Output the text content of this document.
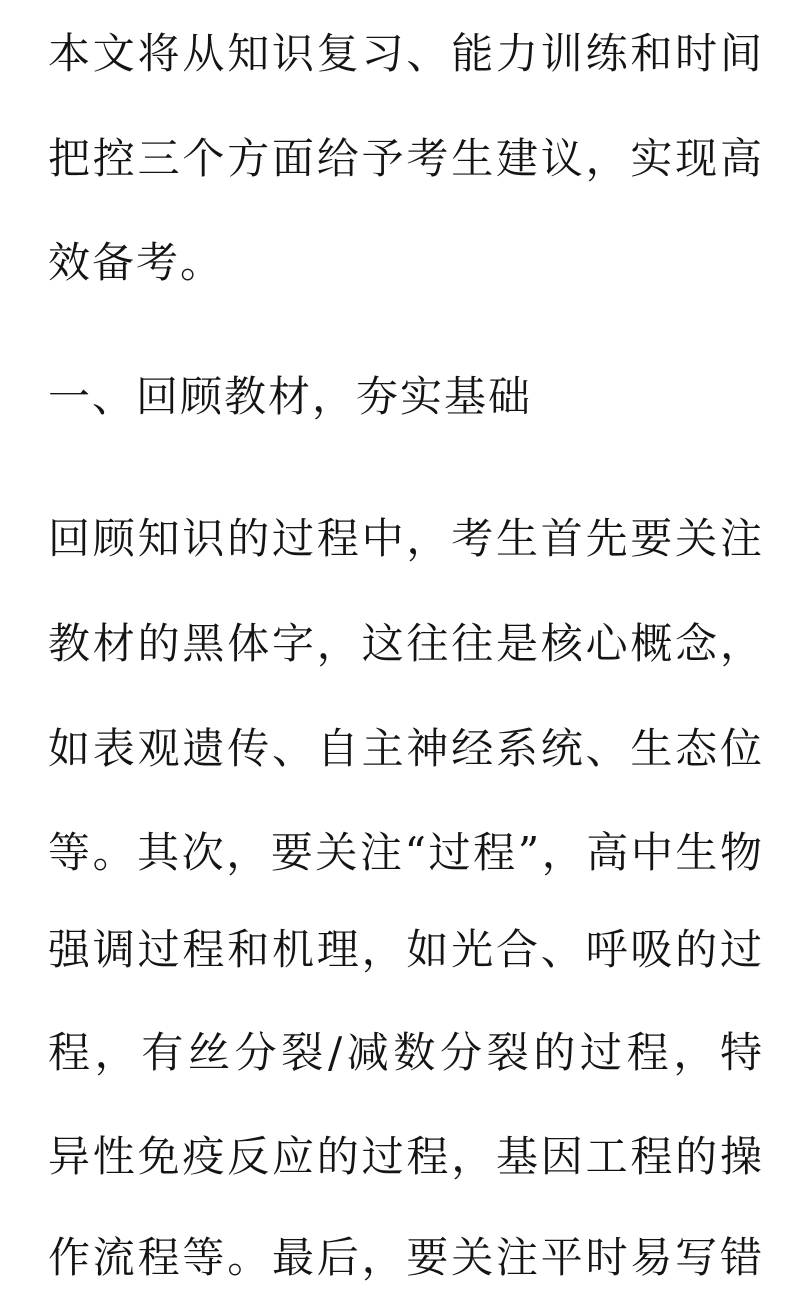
本文将从知识复习、能力训练和时间
把控三个方面给予考生建议，实现高
效备考。
一、回顾教材，夯实基础
回顾知识的过程中，考生首先要关注
教材的黑体字，这往往是核心概念，
如表观遗传、自主神经系统、生态位
等。其次，要关注“过程”，高中生物
强调过程和机理，如光合、呼吸的过
程，有丝分裂/减数分裂的过程，特
异性免疫反应的过程，基因工程的操
作流程等。最后，要关注平时易写错
